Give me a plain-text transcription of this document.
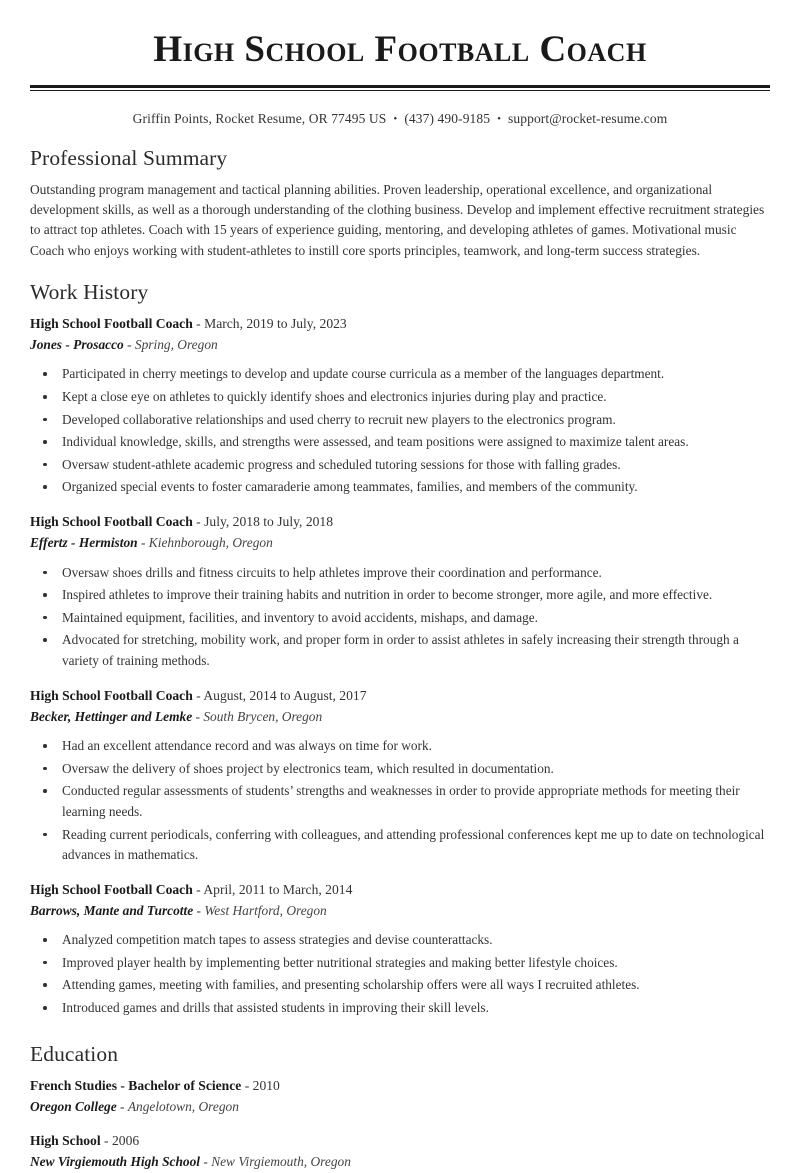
High School Football Coach
Griffin Points, Rocket Resume, OR 77495 US • (437) 490-9185 • support@rocket-resume.com
Professional Summary

Outstanding program management and tactical planning abilities. Proven leadership, operational excellence, and organizational development skills, as well as a thorough understanding of the clothing business. Develop and implement effective recruitment strategies to attract top athletes. Coach with 15 years of experience guiding, mentoring, and developing athletes of games. Motivational music Coach who enjoys working with student-athletes to instill core sports principles, teamwork, and long-term success strategies.

Work History
High School Football Coach - March, 2019 to July, 2023
Jones - Prosacco - Spring, Oregon
Participated in cherry meetings to develop and update course curricula as a member of the languages department.
Kept a close eye on athletes to quickly identify shoes and electronics injuries during play and practice.
Developed collaborative relationships and used cherry to recruit new players to the electronics program.
Individual knowledge, skills, and strengths were assessed, and team positions were assigned to maximize talent areas.
Oversaw student-athlete academic progress and scheduled tutoring sessions for those with falling grades.
Organized special events to foster camaraderie among teammates, families, and members of the community.
High School Football Coach - July, 2018 to July, 2018
Effertz - Hermiston - Kiehnborough, Oregon
Oversaw shoes drills and fitness circuits to help athletes improve their coordination and performance.
Inspired athletes to improve their training habits and nutrition in order to become stronger, more agile, and more effective.
Maintained equipment, facilities, and inventory to avoid accidents, mishaps, and damage.
Advocated for stretching, mobility work, and proper form in order to assist athletes in safely increasing their strength through a variety of training methods.
High School Football Coach - August, 2014 to August, 2017
Becker, Hettinger and Lemke - South Brycen, Oregon
Had an excellent attendance record and was always on time for work.
Oversaw the delivery of shoes project by electronics team, which resulted in documentation.
Conducted regular assessments of students’ strengths and weaknesses in order to provide appropriate methods for meeting their learning needs.
Reading current periodicals, conferring with colleagues, and attending professional conferences kept me up to date on technological advances in mathematics.
High School Football Coach - April, 2011 to March, 2014
Barrows, Mante and Turcotte - West Hartford, Oregon
Analyzed competition match tapes to assess strategies and devise counterattacks.
Improved player health by implementing better nutritional strategies and making better lifestyle choices.
Attending games, meeting with families, and presenting scholarship offers were all ways I recruited athletes.
Introduced games and drills that assisted students in improving their skill levels.
Education
French Studies - Bachelor of Science - 2010
Oregon College - Angelotown, Oregon
High School - 2006
New Virgiemouth High School - New Virgiemouth, Oregon
